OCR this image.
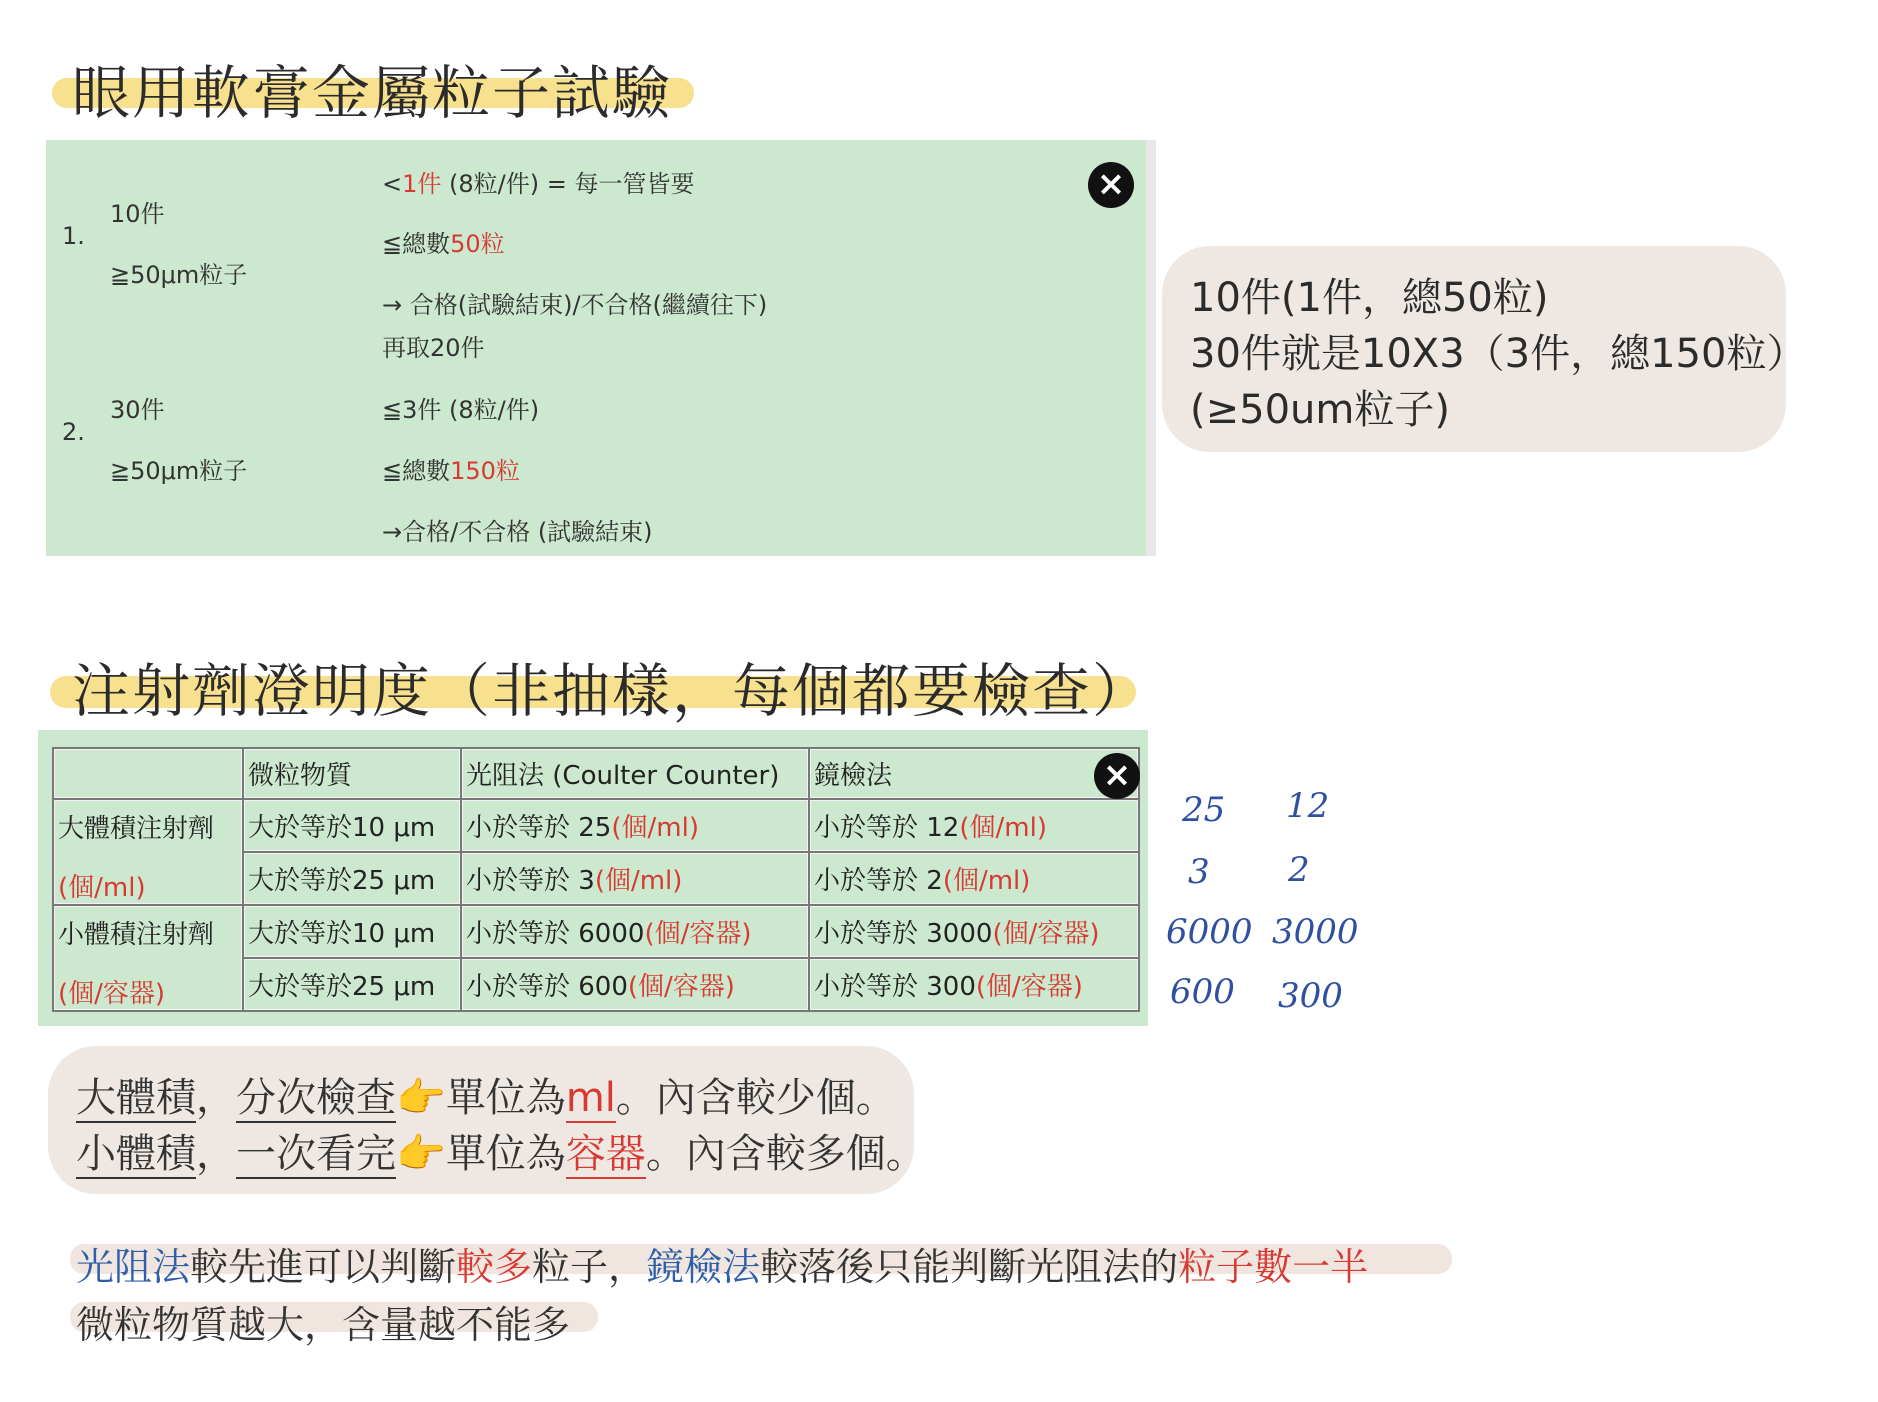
眼用軟膏金屬粒子試驗
1.
10件
≧50μm粒子
<1件 (8粒/件) = 每一管皆要
≦總數50粒
→ 合格(試驗結束)/不合格(繼續往下)
再取20件
2.
30件
≧50μm粒子
≦3件 (8粒/件)
≦總數150粒
→合格/不合格 (試驗結束)
×
10件(1件，總50粒)
30件就是10X3（3件，總150粒）
(≥50um粒子)
注射劑澄明度（非抽樣，每個都要檢查）
	微粒物質	光阻法 (Coulter Counter)	鏡檢法

大體積注射劑
(個/ml)	大於等於10 μm	小於等於 25(個/ml)	小於等於 12(個/ml)
	大於等於25 μm	小於等於 3(個/ml)	小於等於 2(個/ml)

小體積注射劑
(個/容器)	大於等於10 μm	小於等於 6000(個/容器)	小於等於 3000(個/容器)
	大於等於25 μm	小於等於 600(個/容器)	小於等於 300(個/容器)
×
25 12
3 2
6000 3000
600 300
大體積，分次檢查👉單位為ml。內含較少個。
小體積，一次看完👉單位為容器。內含較多個。
光阻法較先進可以判斷較多粒子，鏡檢法較落後只能判斷光阻法的粒子數一半
微粒物質越大，含量越不能多
